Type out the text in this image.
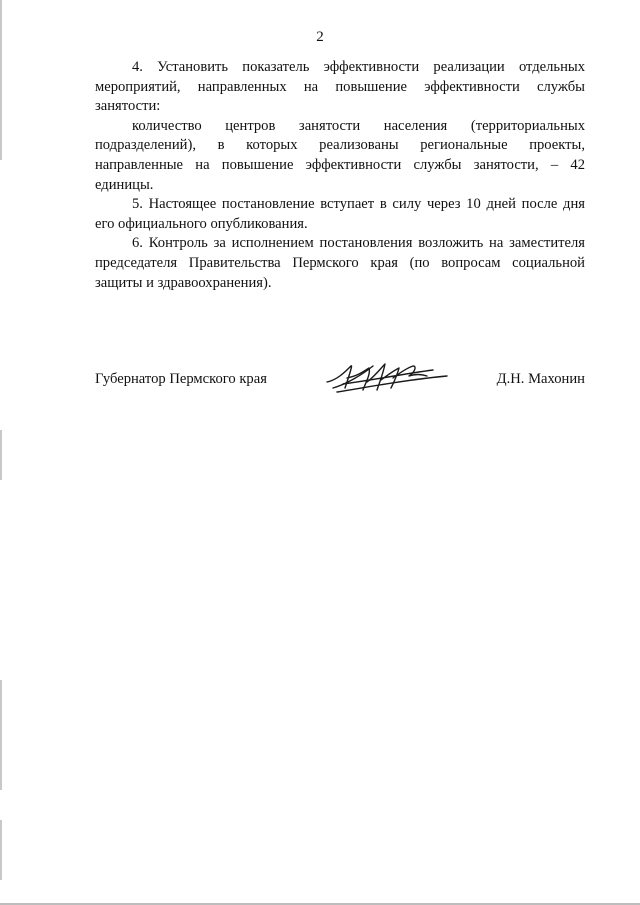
2

4. Установить показатель эффективности реализации отдельных мероприятий, направленных на повышение эффективности службы занятости:

количество центров занятости населения (территориальных подразделений), в которых реализованы региональные проекты, направленные на повышение эффективности службы занятости, – 42 единицы.

5. Настоящее постановление вступает в силу через 10 дней после дня его официального опубликования.

6. Контроль за исполнением постановления возложить на заместителя председателя Правительства Пермского края (по вопросам социальной защиты и здравоохранения).

Губернатор Пермского края	Д.Н. Махонин
